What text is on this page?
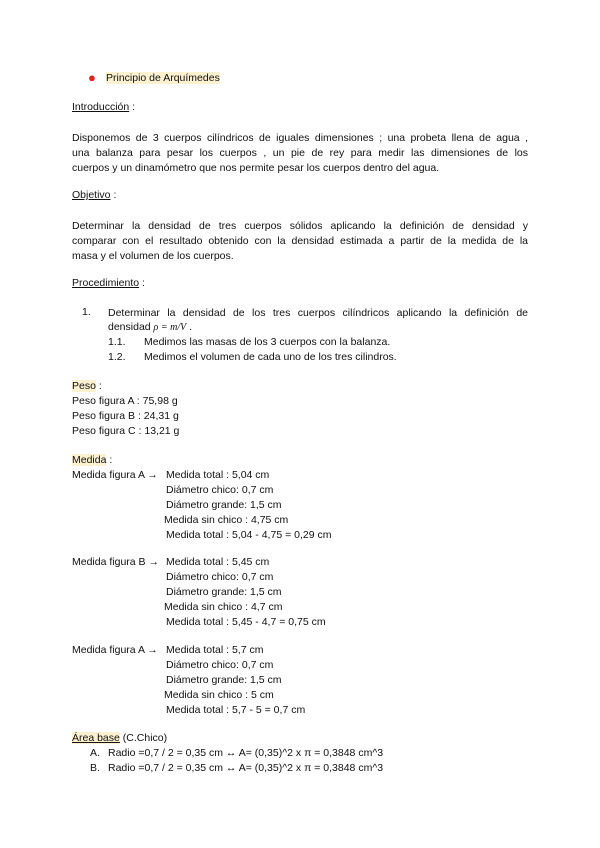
● Principio de Arquímedes
Introducción :
Disponemos de 3 cuerpos cilíndricos de iguales dimensiones ; una probeta llena de agua ,
una balanza para pesar los cuerpos , un pie de rey para medir las dimensiones de los
cuerpos y un dinamómetro que nos permite pesar los cuerpos dentro del agua.
Objetivo :
Determinar la densidad de tres cuerpos sólidos aplicando la definición de densidad y
comparar con el resultado obtenido con la densidad estimada a partir de la medida de la
masa y el volumen de los cuerpos.
Procedimiento :
1. Determinar la densidad de los tres cuerpos cilíndricos aplicando la definición de
densidad ρ = m/V .
1.1. Medimos las masas de los 3 cuerpos con la balanza.
1.2. Medimos el volumen de cada uno de los tres cilindros.
Peso :
Peso figura A : 75,98 g
Peso figura B : 24,31 g
Peso figura C : 13,21 g
Medida :
Medida figura A → Medida total : 5,04 cm
Diámetro chico: 0,7 cm
Diámetro grande: 1,5 cm
Medida sin chico : 4,75 cm
Medida total : 5,04 - 4,75 = 0,29 cm
Medida figura B → Medida total : 5,45 cm
Diámetro chico: 0,7 cm
Diámetro grande: 1,5 cm
Medida sin chico : 4,7 cm
Medida total : 5,45 - 4,7 = 0,75 cm
Medida figura A → Medida total : 5,7 cm
Diámetro chico: 0,7 cm
Diámetro grande: 1,5 cm
Medida sin chico : 5 cm
Medida total : 5,7 - 5 = 0,7 cm
Área base (C.Chico)
A. Radio =0,7 / 2 = 0,35 cm ↔ A= (0,35)^2 x π = 0,3848 cm^3
B. Radio =0,7 / 2 = 0,35 cm ↔ A= (0,35)^2 x π = 0,3848 cm^3
